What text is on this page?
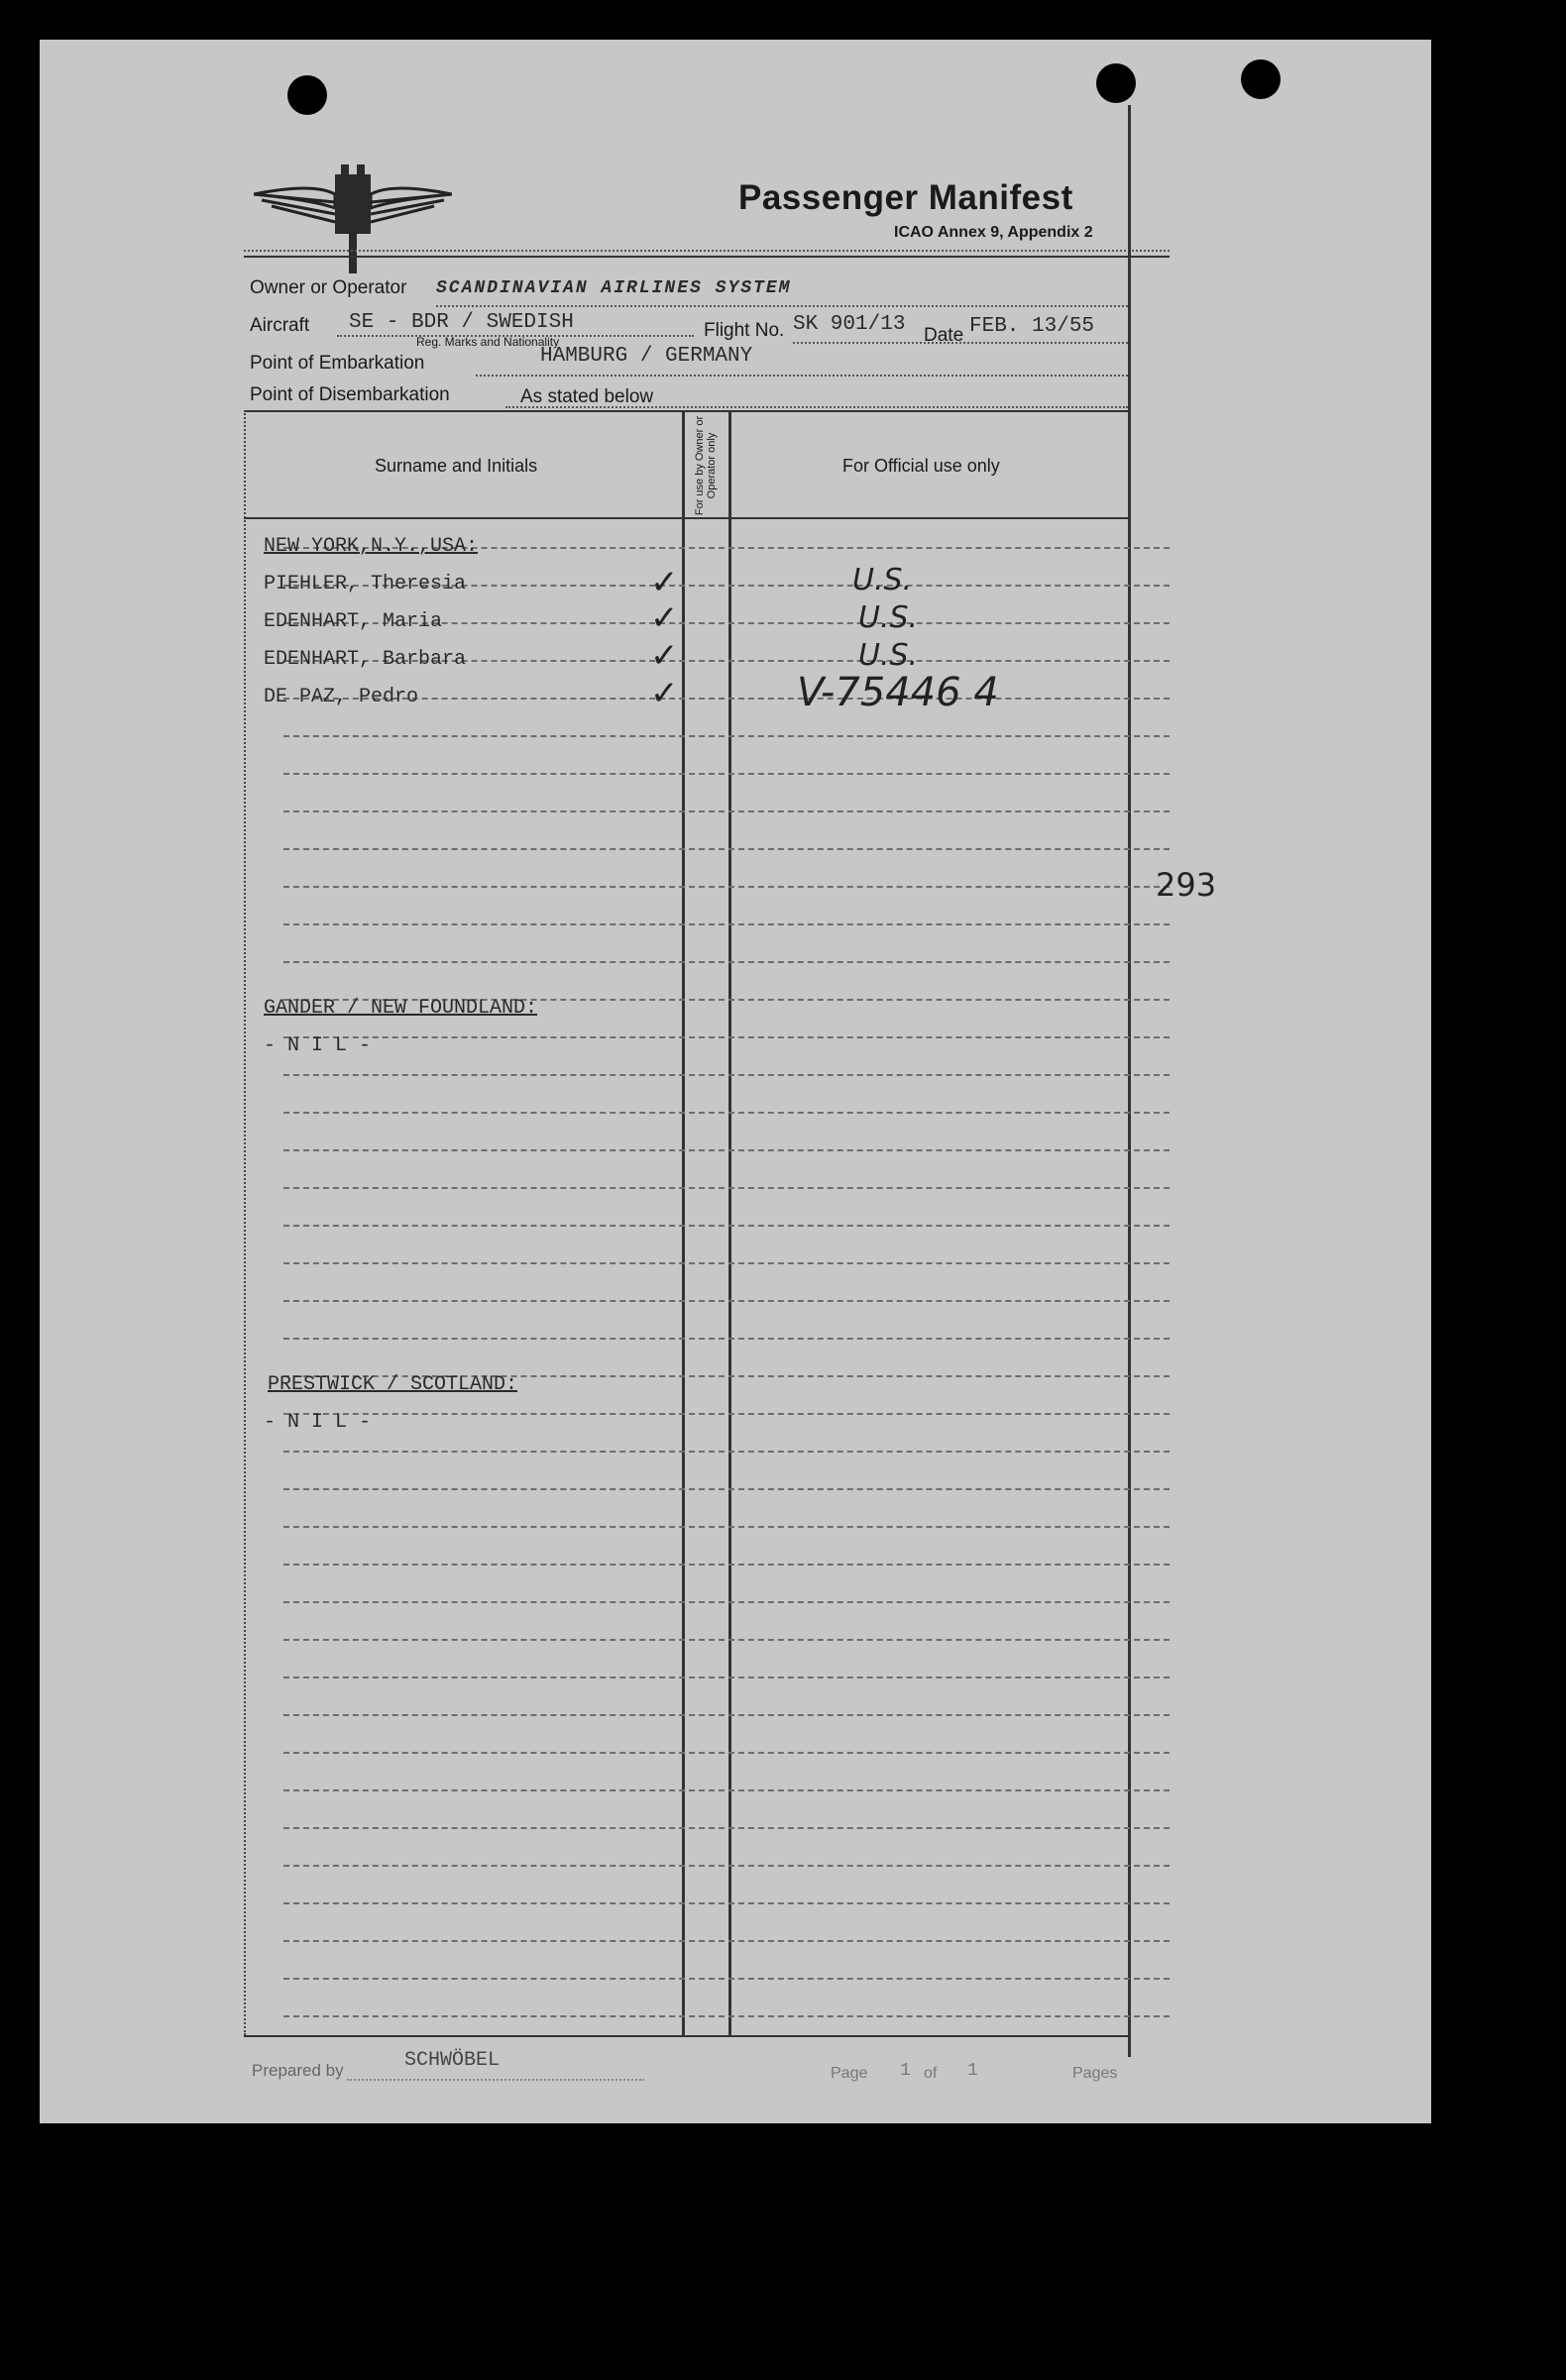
Passenger Manifest
ICAO Annex 9, Appendix 2
Owner or Operator SCANDINAVIAN AIRLINES SYSTEM
Aircraft SE - BDR / SWEDISH
Reg. Marks and Nationality
Flight No. SK 901/13 Date FEB. 13/55
Point of Embarkation	HAMBURG / GERMANY
Point of Disembarkation	As stated below
Surname and Initials	For use by Owner or Operator only	For Official use only
NEW YORK,N.Y.,USA:
PIEHLER, Theresia	✓	U.S.
EDENHART, Maria	✓	U.S.
EDENHART, Barbara	✓	U.S.
DE PAZ, Pedro	✓	V-75446 4
GANDER / NEW FOUNDLAND:
- N I L -
PRESTWICK / SCOTLAND:
- N I L -
Prepared by	SCHWÖBEL
Page 1 of 1	Pages
293
